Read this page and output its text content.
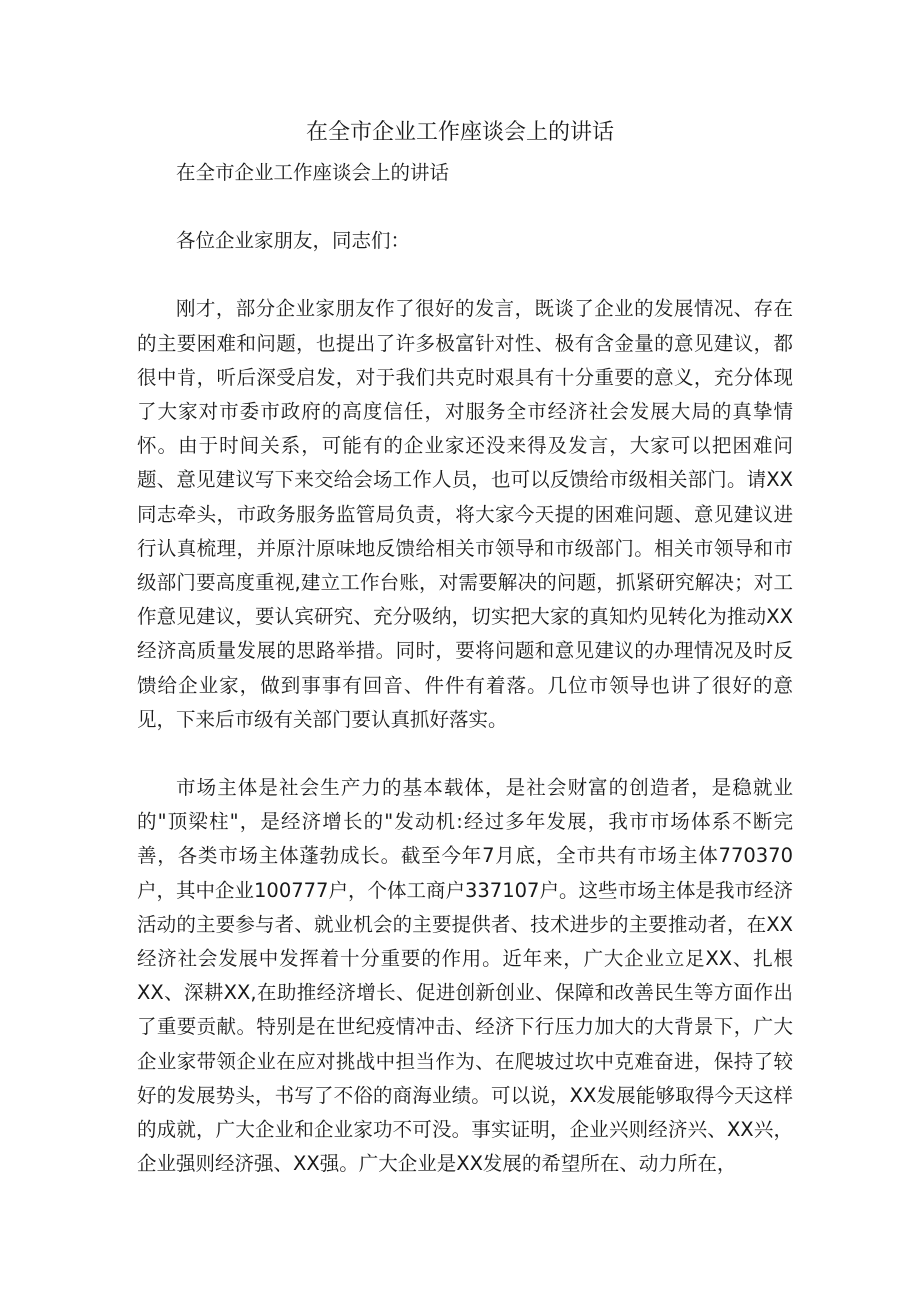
在全市企业工作座谈会上的讲话

在全市企业工作座谈会上的讲话

各位企业家朋友，同志们：

刚才，部分企业家朋友作了很好的发言，既谈了企业的发展情况、存在的主要困难和问题，也提出了许多极富针对性、极有含金量的意见建议，都很中肯，听后深受启发，对于我们共克时艰具有十分重要的意义，充分体现了大家对市委市政府的高度信任，对服务全市经济社会发展大局的真挚情怀。由于时间关系，可能有的企业家还没来得及发言，大家可以把困难问题、意见建议写下来交给会场工作人员，也可以反馈给市级相关部门。请XX同志牵头，市政务服务监管局负责，将大家今天提的困难问题、意见建议进行认真梳理，并原汁原味地反馈给相关市领导和市级部门。相关市领导和市级部门要高度重视,建立工作台账，对需要解决的问题，抓紧研究解决；对工作意见建议，要认宾研究、充分吸纳，切实把大家的真知灼见转化为推动XX经济高质量发展的思路举措。同时，要将问题和意见建议的办理情况及时反馈给企业家，做到事事有回音、件件有着落。几位市领导也讲了很好的意见，下来后市级有关部门要认真抓好落实。

市场主体是社会生产力的基本载体，是社会财富的创造者，是稳就业的"顶梁柱"，是经济增长的"发动机:经过多年发展，我市市场体系不断完善，各类市场主体蓬勃成长。截至今年7月底，全市共有市场主体770370户，其中企业100777户，个体工商户337107户。这些市场主体是我市经济活动的主要参与者、就业机会的主要提供者、技术进步的主要推动者，在XX经济社会发展中发挥着十分重要的作用。近年来，广大企业立足XX、扎根XX、深耕XX,在助推经济增长、促进创新创业、保障和改善民生等方面作出了重要贡献。特别是在世纪疫情冲击、经济下行压力加大的大背景下，广大企业家带领企业在应对挑战中担当作为、在爬坡过坎中克难奋进，保持了较好的发展势头，书写了不俗的商海业绩。可以说，XX发展能够取得今天这样的成就，广大企业和企业家功不可没。事实证明，企业兴则经济兴、XX兴，企业强则经济强、XX强。广大企业是XX发展的希望所在、动力所在，
